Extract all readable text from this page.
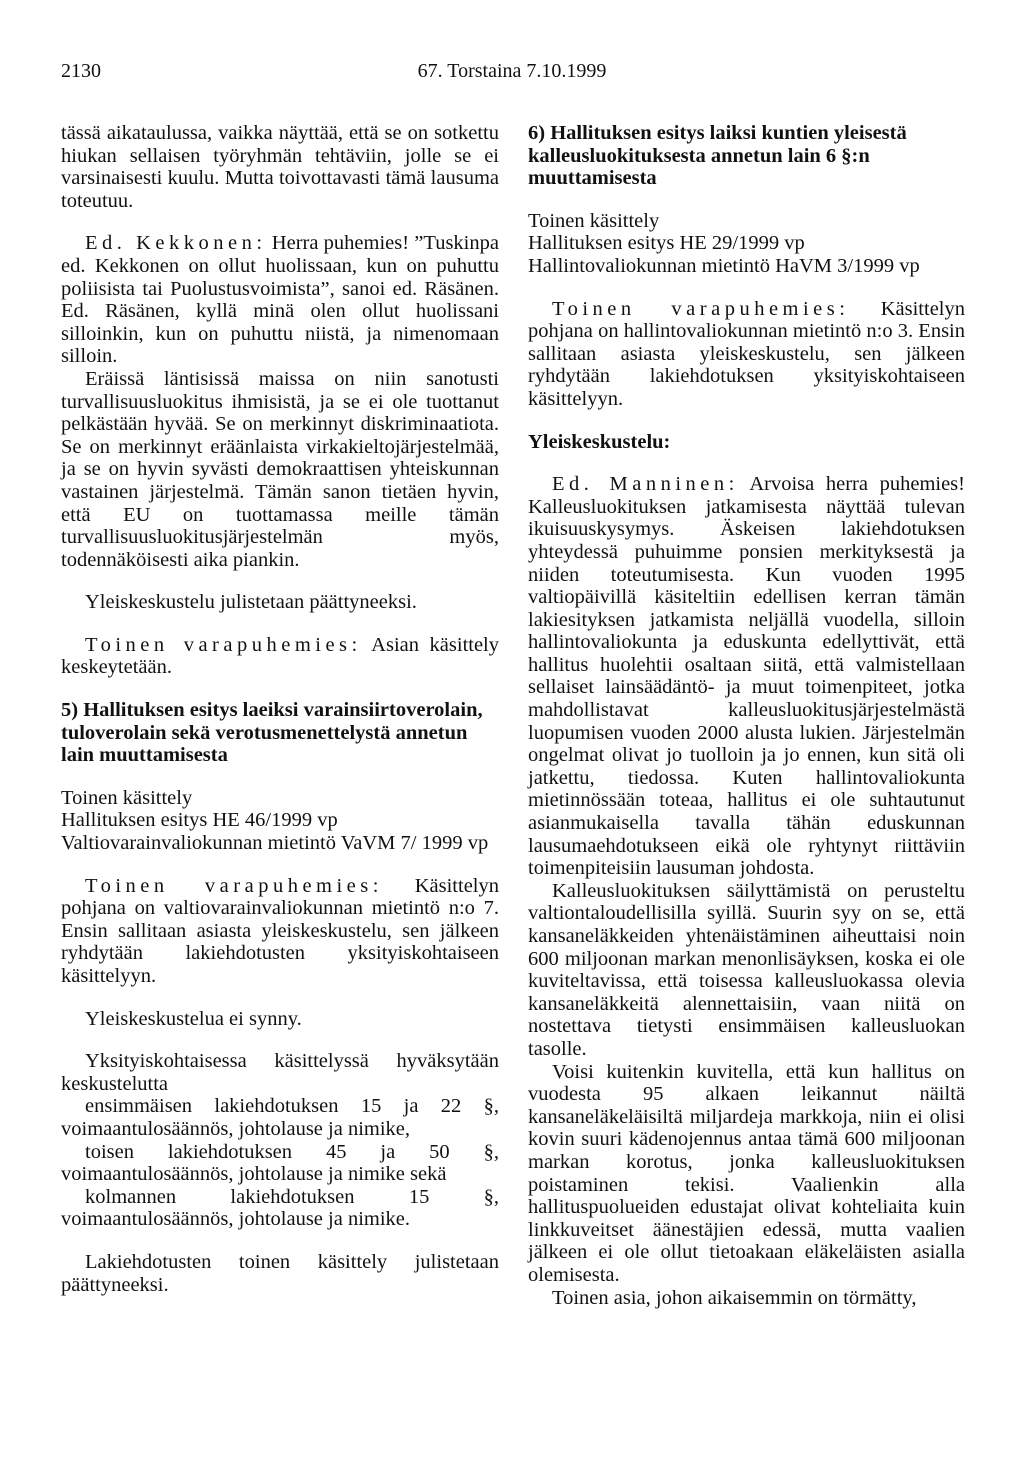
2130	67. Torstaina 7.10.1999

tässä aikataulussa, vaikka näyttää, että se on sotkettu hiukan sellaisen työryhmän tehtäviin, jolle se ei varsinaisesti kuulu. Mutta toivottavasti tämä lausuma toteutuu.

Ed. Kekkonen: Herra puhemies! ”Tuskinpa ed. Kekkonen on ollut huolissaan, kun on puhuttu poliisista tai Puolustusvoimista”, sanoi ed. Räsänen. Ed. Räsänen, kyllä minä olen ollut huolissani silloinkin, kun on puhuttu niistä, ja nimenomaan silloin.

Eräissä läntisissä maissa on niin sanotusti turvallisuusluokitus ihmisistä, ja se ei ole tuottanut pelkästään hyvää. Se on merkinnyt diskriminaatiota. Se on merkinnyt eräänlaista virkakieltojärjestelmää, ja se on hyvin syvästi demokraattisen yhteiskunnan vastainen järjestelmä. Tämän sanon tietäen hyvin, että EU on tuottamassa meille tämän turvallisuusluokitusjärjestelmän myös, todennäköisesti aika piankin.

Yleiskeskustelu julistetaan päättyneeksi.

Toinen varapuhemies: Asian käsittely keskeytetään.

5) Hallituksen esitys laeiksi varainsiirtoverolain, tuloverolain sekä verotusmenettelystä annetun lain muuttamisesta

Toinen käsittely
Hallituksen esitys HE 46/1999 vp
Valtiovarainvaliokunnan mietintö VaVM 7/ 1999 vp

Toinen varapuhemies: Käsittelyn pohjana on valtiovarainvaliokunnan mietintö n:o 7. Ensin sallitaan asiasta yleiskeskustelu, sen jälkeen ryhdytään lakiehdotusten yksityiskohtaiseen käsittelyyn.

Yleiskeskustelua ei synny.

Yksityiskohtaisessa käsittelyssä hyväksytään keskustelutta

ensimmäisen lakiehdotuksen 15 ja 22 §, voimaantulosäännös, johtolause ja nimike,

toisen lakiehdotuksen 45 ja 50 §, voimaantulosäännös, johtolause ja nimike sekä

kolmannen lakiehdotuksen 15 §, voimaantulosäännös, johtolause ja nimike.

Lakiehdotusten toinen käsittely julistetaan päättyneeksi.

6) Hallituksen esitys laiksi kuntien yleisestä kalleusluokituksesta annetun lain 6 §:n muuttamisesta

Toinen käsittely
Hallituksen esitys HE 29/1999 vp
Hallintovaliokunnan mietintö HaVM 3/1999 vp

Toinen varapuhemies: Käsittelyn pohjana on hallintovaliokunnan mietintö n:o 3. Ensin sallitaan asiasta yleiskeskustelu, sen jälkeen ryhdytään lakiehdotuksen yksityiskohtaiseen käsittelyyn.

Yleiskeskustelu:

Ed. Manninen: Arvoisa herra puhemies! Kalleusluokituksen jatkamisesta näyttää tulevan ikuisuuskysymys. Äskeisen lakiehdotuksen yhteydessä puhuimme ponsien merkityksestä ja niiden toteutumisesta. Kun vuoden 1995 valtiopäivillä käsiteltiin edellisen kerran tämän lakiesityksen jatkamista neljällä vuodella, silloin hallintovaliokunta ja eduskunta edellyttivät, että hallitus huolehtii osaltaan siitä, että valmistellaan sellaiset lainsäädäntö- ja muut toimenpiteet, jotka mahdollistavat kalleusluokitusjärjestelmästä luopumisen vuoden 2000 alusta lukien. Järjestelmän ongelmat olivat jo tuolloin ja jo ennen, kun sitä oli jatkettu, tiedossa. Kuten hallintovaliokunta mietinnössään toteaa, hallitus ei ole suhtautunut asianmukaisella tavalla tähän eduskunnan lausumaehdotukseen eikä ole ryhtynyt riittäviin toimenpiteisiin lausuman johdosta.

Kalleusluokituksen säilyttämistä on perusteltu valtiontaloudellisilla syillä. Suurin syy on se, että kansaneläkkeiden yhtenäistäminen aiheuttaisi noin 600 miljoonan markan menonlisäyksen, koska ei ole kuviteltavissa, että toisessa kalleusluokassa olevia kansaneläkkeitä alennettaisiin, vaan niitä on nostettava tietysti ensimmäisen kalleusluokan tasolle.

Voisi kuitenkin kuvitella, että kun hallitus on vuodesta 95 alkaen leikannut näiltä kansaneläkeläisiltä miljardeja markkoja, niin ei olisi kovin suuri kädenojennus antaa tämä 600 miljoonan markan korotus, jonka kalleusluokituksen poistaminen tekisi. Vaalienkin alla hallituspuolueiden edustajat olivat kohteliaita kuin linkkuveitset äänestäjien edessä, mutta vaalien jälkeen ei ole ollut tietoakaan eläkeläisten asialla olemisesta.

Toinen asia, johon aikaisemmin on törmätty,
